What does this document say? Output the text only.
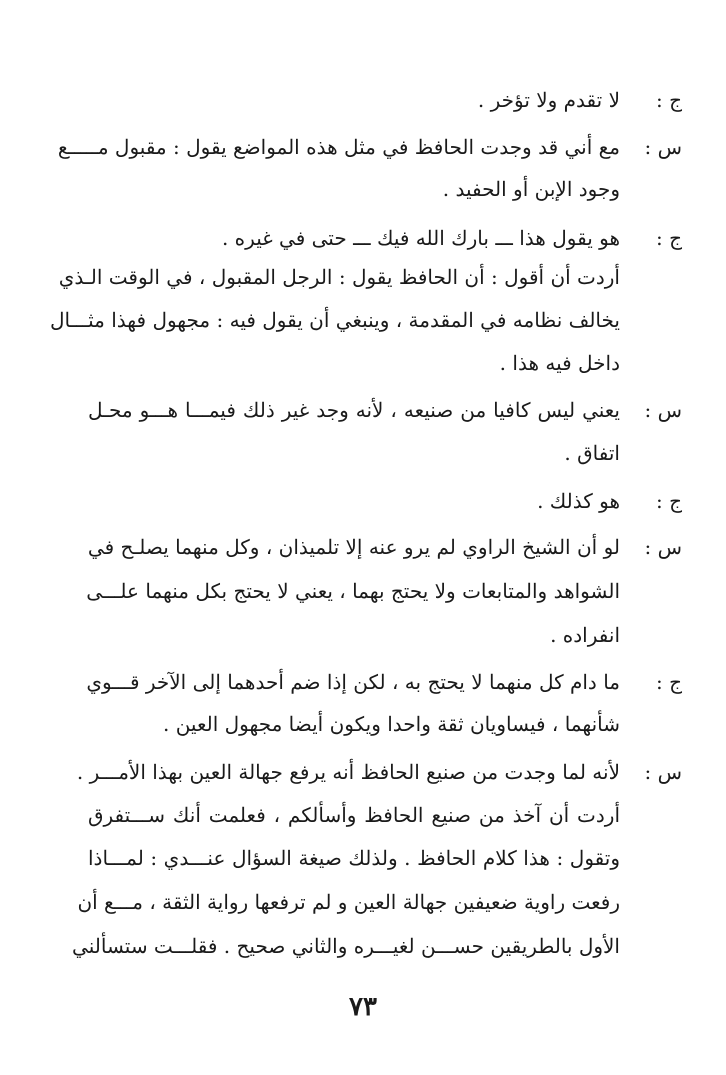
ج :
لا تقدم ولا تؤخر .
س :
مع أني قد وجدت الحافظ في مثل هذه المواضع يقول : مقبول مـــــع
وجود الإبن أو الحفيد .
ج :
هو يقول هذا ـــ بارك الله فيك ـــ حتى في غيره .
أردت أن أقول : أن الحافظ يقول : الرجل المقبول ، في الوقت الـذي
يخالف نظامه في المقدمة ، وينبغي أن يقول فيه : مجهول فهذا مثـــال
داخل فيه هذا .
س :
يعني ليس كافيا من صنيعه ، لأنه وجد غير ذلك فيمـــا هـــو محـل
اتفاق .
ج :
هو كذلك .
س :
لو أن الشيخ الراوي لم يرو عنه إلا تلميذان ، وكل منهما يصلـح في
الشواهد والمتابعات ولا يحتج بهما ، يعني لا يحتج بكل منهما علـــى
انفراده .
ج :
ما دام كل منهما لا يحتج به ، لكن إذا ضم أحدهما إلى الآخر قـــوي
شأنهما ، فيساويان ثقة واحدا ويكون أيضا مجهول العين .
س :
لأنه لما وجدت من صنيع الحافظ أنه يرفع جهالة العين بهذا الأمـــر .
أردت أن آخذ من صنيع الحافظ وأسألكم ، فعلمت أنك ســـتفرق
وتقول : هذا كلام الحافظ . ولذلك صيغة السؤال عنـــدي : لمـــاذا
رفعت راوية ضعيفين جهالة العين و لم ترفعها رواية الثقة ، مـــع أن
الأول بالطريقين حســـن لغيـــره والثاني صحيح . فقلـــت ستسألني
٧٣
